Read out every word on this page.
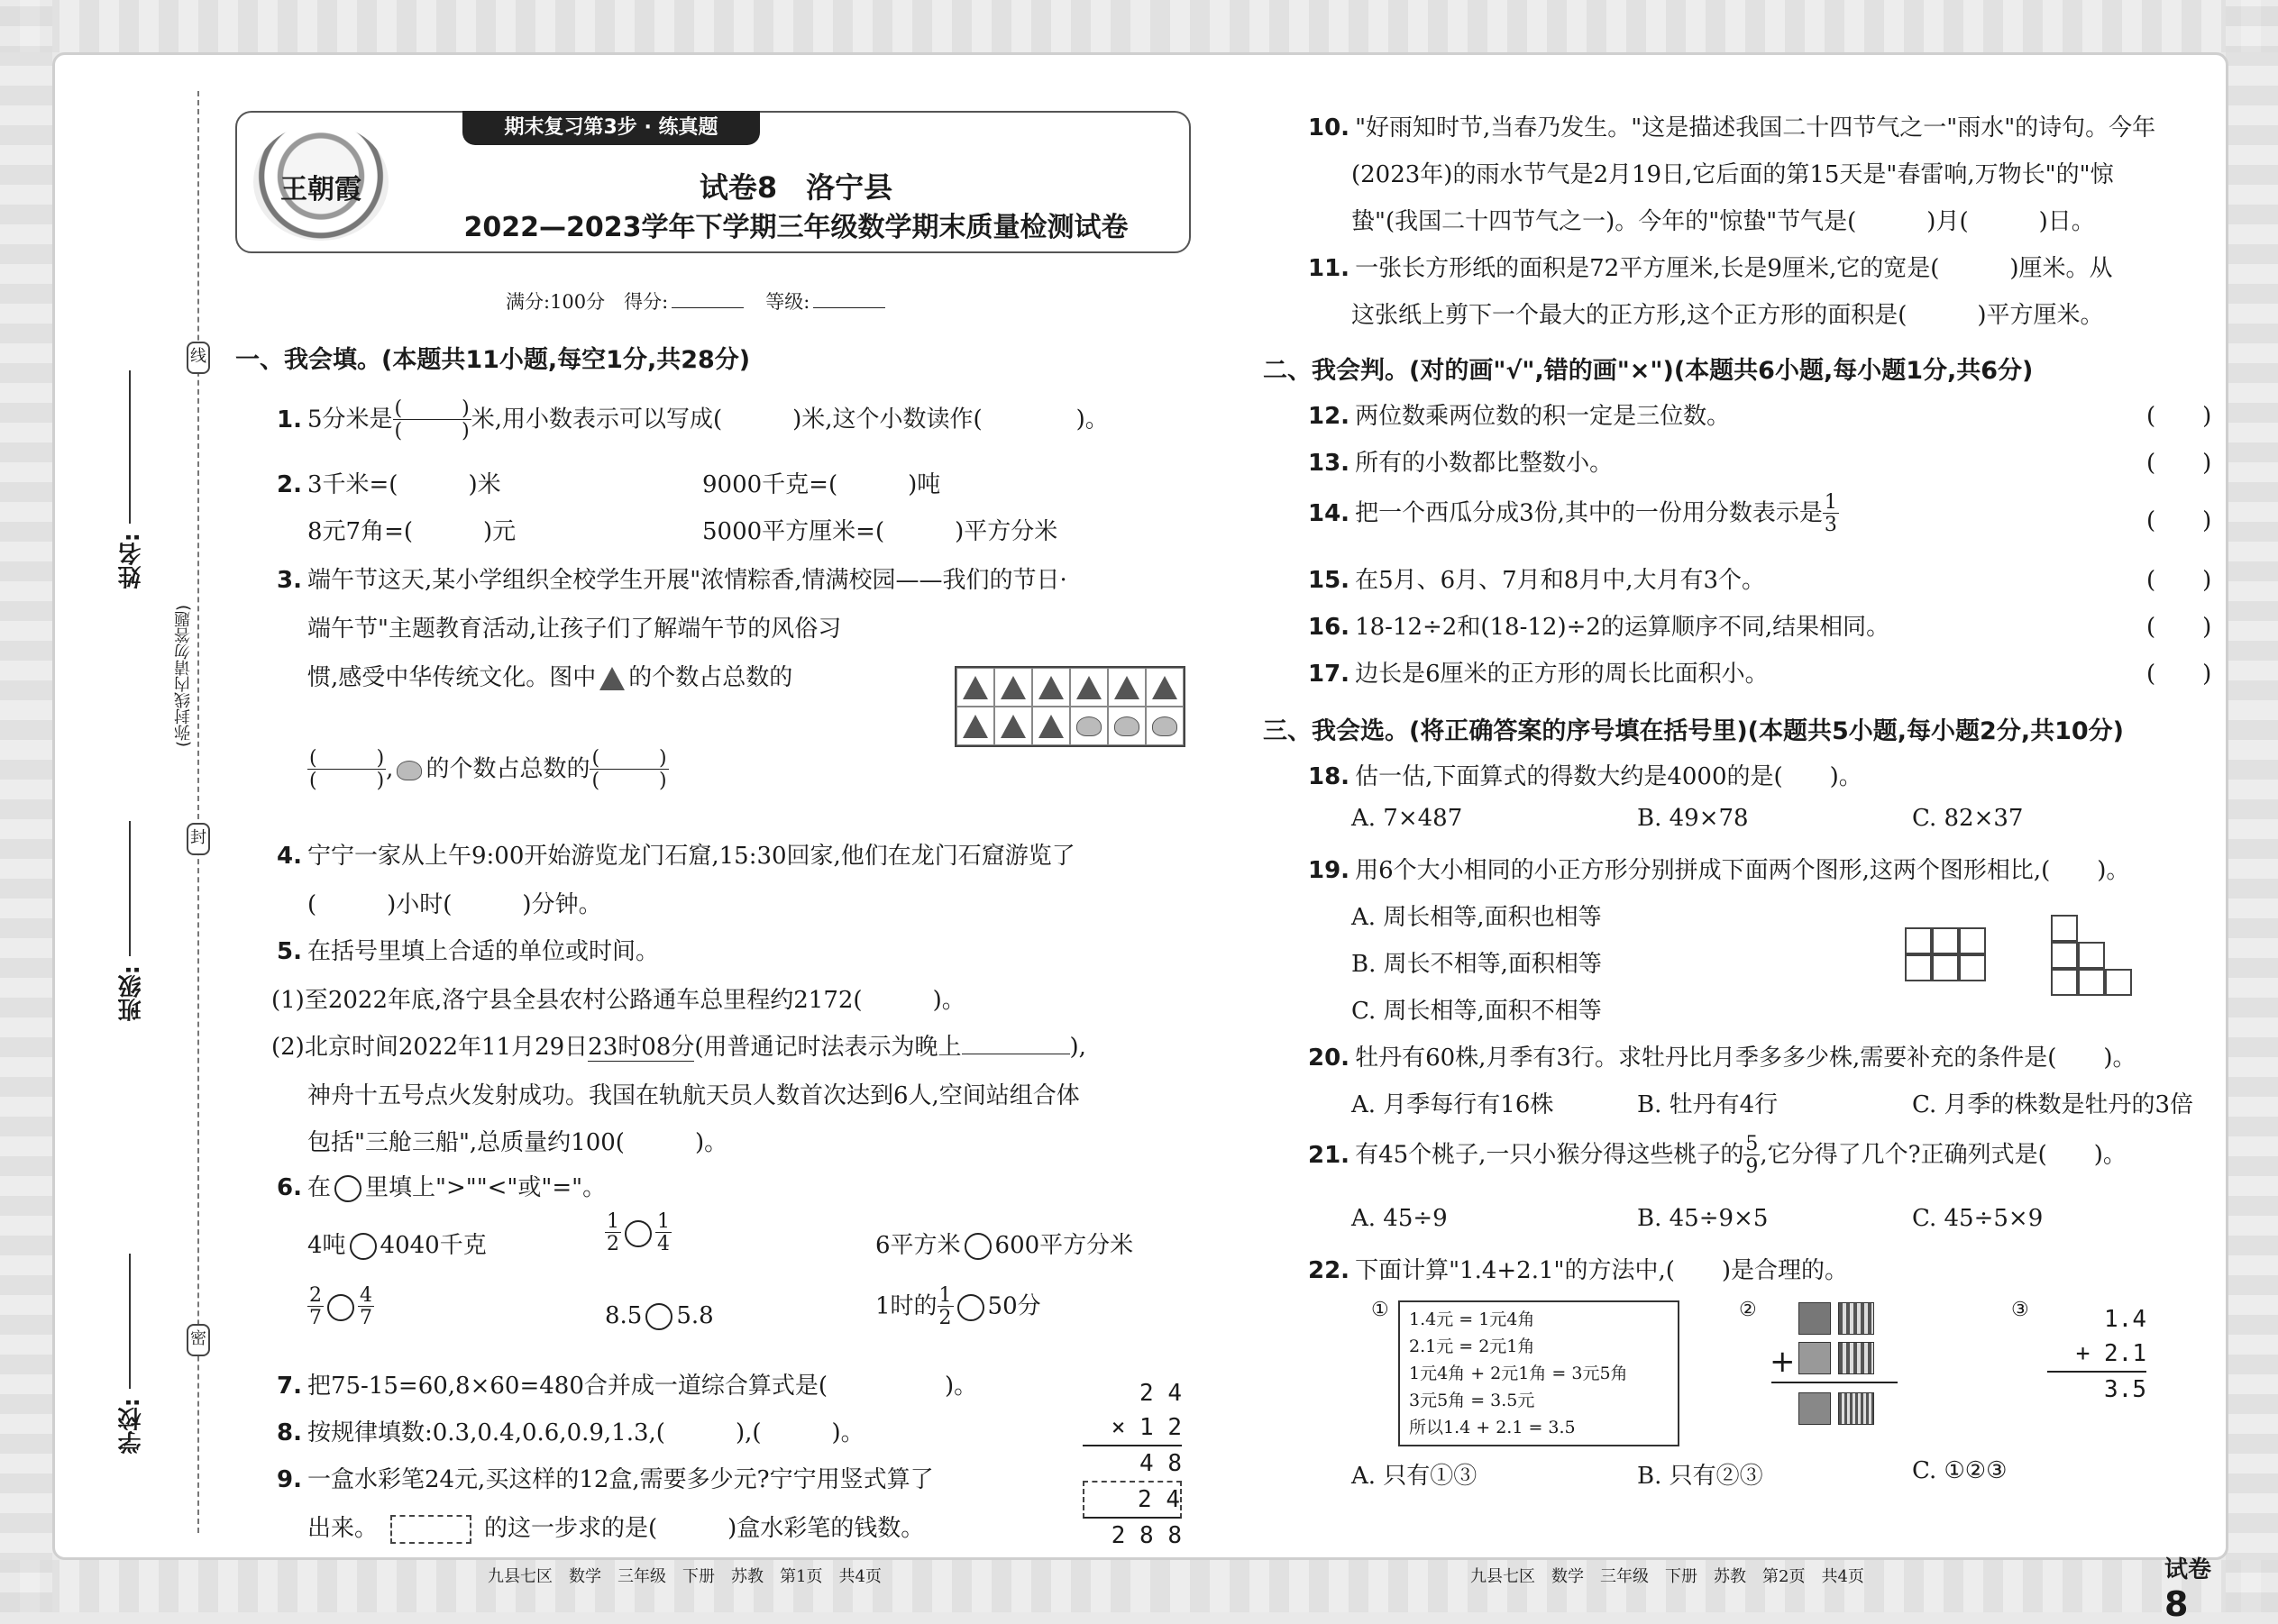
线
封
密
(弥封线内请勿答题)
姓名:
班级:
学校:
期末复习第3步 · 练真题
王朝霞	试卷8　洛宁县
2022—2023学年下学期三年级数学期末质量检测试卷
满分:100分　得分:	等级:
一、我会填。(本题共11小题,每空1分,共28分)
1. 5分米是 $\frac{( )}{( )}$ 米,用小数表示可以写成(　　　)米,这个小数读作(　　　　)。
2. 3千米=(　　　)米	9000千克=(　　　)吨
8元7角=(　　　)元	5000平方厘米=(　　　)平方分米
3. 端午节这天,某小学组织全校学生开展"浓情粽香,情满校园——我们的节日·
端午节"主题教育活动,让孩子们了解端午节的风俗习
惯,感受中华传统文化。图中 的个数占总数的
$\frac{( )}{( )}$ , 的个数占总数的 $\frac{( )}{( )}$
4. 宁宁一家从上午9:00开始游览龙门石窟,15:30回家,他们在龙门石窟游览了
(　　　)小时(　　　)分钟。
5. 在括号里填上合适的单位或时间。
(1)至2022年底,洛宁县全县农村公路通车总里程约2172(　　　)。
(2)北京时间2022年11月29日23时08分(用普通记时法表示为晚上	),
神舟十五号点火发射成功。我国在轨航天员人数首次达到6人,空间站组合体
包括"三舱三船",总质量约100(　　　)。
6. 在 里填上">""<"或"="。
4吨 4040千克	$\frac{1}{2} \frac{1}{4}$	6平方米 600平方分米
$\frac{2}{7} \frac{4}{7}$	8.5 5.8	1时的 $\frac{1}{2} 50$分
7. 把75-15=60,8×60=480合并成一道综合算式是(　　　　　)。
8. 按规律填数:0.3,0.4,0.6,0.9,1.3,(　　　),(　　　)。
9. 一盒水彩笔24元,买这样的12盒,需要多少元?宁宁用竖式算了
出来。	的这一步求的是(　　　)盒水彩笔的钱数。
2 4
× 1 2
4 8
2 4
2 8 8
九县七区　数学　三年级　下册　苏教　第1页　共4页
10. "好雨知时节,当春乃发生。"这是描述我国二十四节气之一"雨水"的诗句。今年
(2023年)的雨水节气是2月19日,它后面的第15天是"春雷响,万物长"的"惊
蛰"(我国二十四节气之一)。今年的"惊蛰"节气是(　　　)月(　　　)日。
11. 一张长方形纸的面积是72平方厘米,长是9厘米,它的宽是(　　　)厘米。从
这张纸上剪下一个最大的正方形,这个正方形的面积是(　　　)平方厘米。
二、我会判。(对的画"√",错的画"×")(本题共6小题,每小题1分,共6分)
12. 两位数乘两位数的积一定是三位数。	(　　)
13. 所有的小数都比整数小。	(　　)
14. 把一个西瓜分成3份,其中的一份用分数表示是 $\frac{1}{3}$	(　　)
15. 在5月、6月、7月和8月中,大月有3个。	(　　)
16. 18-12÷2和(18-12)÷2的运算顺序不同,结果相同。	(　　)
17. 边长是6厘米的正方形的周长比面积小。	(　　)
三、我会选。(将正确答案的序号填在括号里)(本题共5小题,每小题2分,共10分)
18. 估一估,下面算式的得数大约是4000的是(　　)。
A. 7×487	B. 49×78	C. 82×37
19. 用6个大小相同的小正方形分别拼成下面两个图形,这两个图形相比,(　　)。
A. 周长相等,面积也相等
B. 周长不相等,面积相等
C. 周长相等,面积不相等
20. 牡丹有60株,月季有3行。求牡丹比月季多多少株,需要补充的条件是(　　)。
A. 月季每行有16株	B. 牡丹有4行	C. 月季的株数是牡丹的3倍
21. 有45个桃子,一只小猴分得这些桃子的 $\frac{5}{9}$ ,它分得了几个?正确列式是(　　)。
A. 45÷9	B. 45÷9×5	C. 45÷5×9
22. 下面计算"1.4+2.1"的方法中,(　　)是合理的。
① 1.4元 = 1元4角
2.1元 = 2元1角
1元4角 + 2元1角 = 3元5角
3元5角 = 3.5元
所以1.4 + 2.1 = 3.5
②
+
③	1.4
+ 2.1
3.5
A. 只有①③	B. 只有②③	C. ①②③
九县七区　数学　三年级　下册　苏教　第2页　共4页	试卷 8
